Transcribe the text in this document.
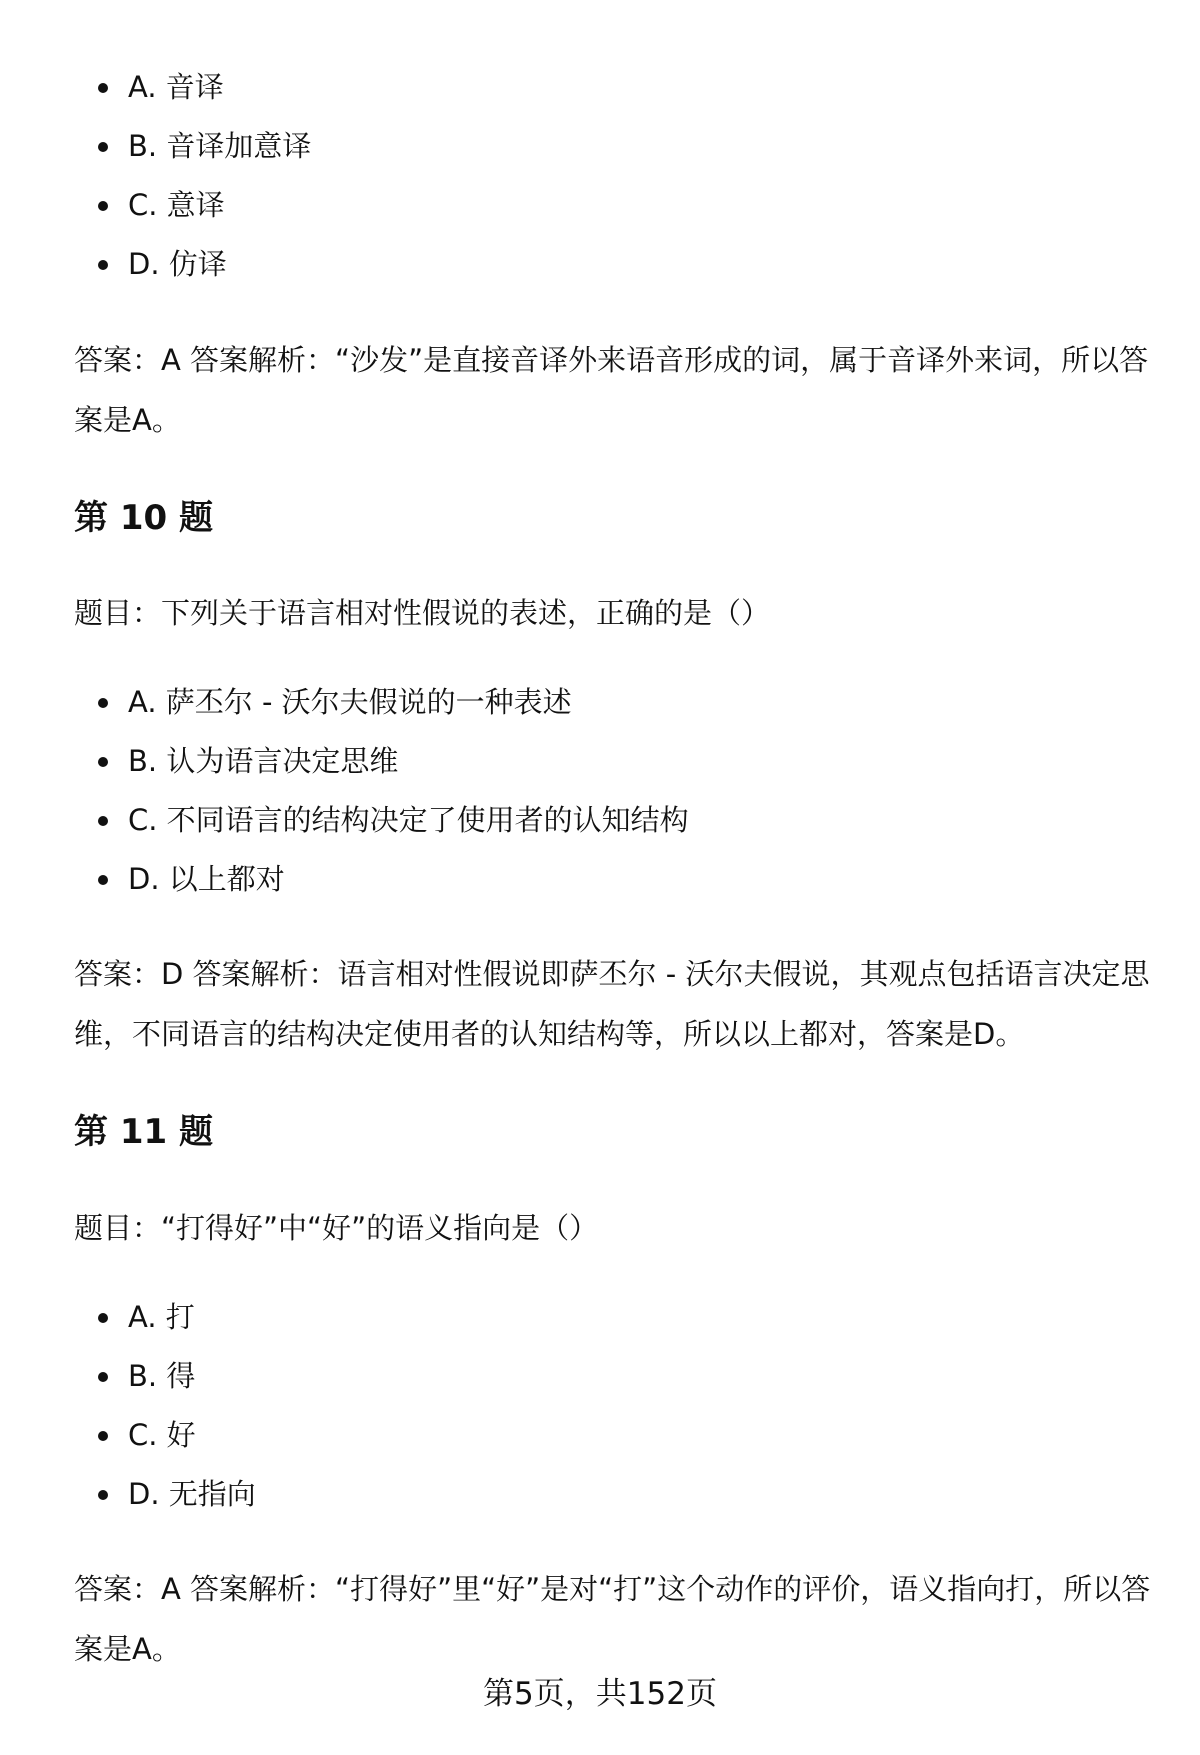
A. 音译
B. 音译加意译
C. 意译
D. 仿译

答案：A 答案解析：“沙发”是直接音译外来语音形成的词，属于音译外来词，所以答案是A。

第 10 题

题目：下列关于语言相对性假说的表述，正确的是（）

A. 萨丕尔 - 沃尔夫假说的一种表述
B. 认为语言决定思维
C. 不同语言的结构决定了使用者的认知结构
D. 以上都对

答案：D 答案解析：语言相对性假说即萨丕尔 - 沃尔夫假说，其观点包括语言决定思维，不同语言的结构决定使用者的认知结构等，所以以上都对，答案是D。

第 11 题

题目：“打得好”中“好”的语义指向是（）

A. 打
B. 得
C. 好
D. 无指向

答案：A 答案解析：“打得好”里“好”是对“打”这个动作的评价，语义指向打，所以答案是A。

第5页，共152页
